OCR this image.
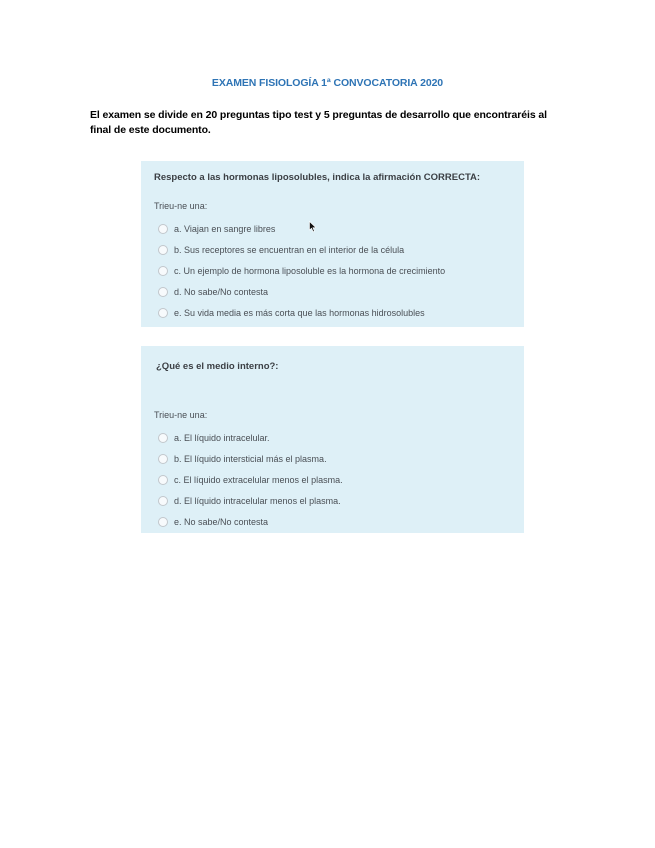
EXAMEN FISIOLOGÍA 1ª CONVOCATORIA 2020
El examen se divide en 20 preguntas tipo test y 5 preguntas de desarrollo que encontraréis al final de este documento.
Respecto a las hormonas liposolubles, indica la afirmación CORRECTA:
Trieu-ne una:
a. Viajan en sangre libres
b. Sus receptores se encuentran en el interior de la célula
c. Un ejemplo de hormona liposoluble es la hormona de crecimiento
d. No sabe/No contesta
e. Su vida media es más corta que las hormonas hidrosolubles
¿Qué es el medio interno?:
Trieu-ne una:
a. El líquido intracelular.
b. El líquido intersticial más el plasma.
c. El líquido extracelular menos el plasma.
d. El líquido intracelular menos el plasma.
e. No sabe/No contesta
